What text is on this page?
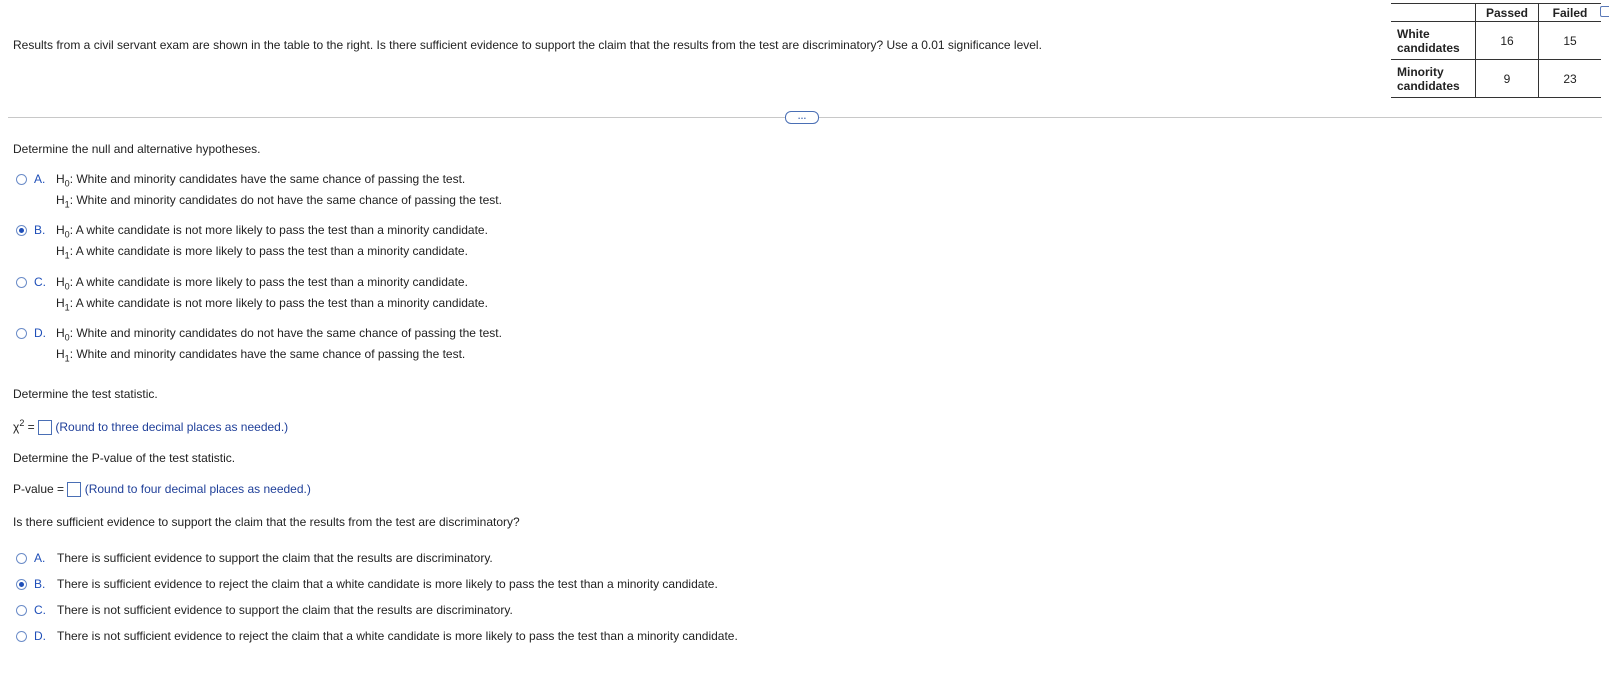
Results from a civil servant exam are shown in the table to the right. Is there sufficient evidence to support the claim that the results from the test are discriminatory? Use a 0.01 significance level.
	Passed	Failed
White
candidates	16	15
Minority
candidates	9	23
…
Determine the null and alternative hypotheses.
A. $H_0$: White and minority candidates have the same chance of passing the test.
$H_1$: White and minority candidates do not have the same chance of passing the test.
B. $H_0$: A white candidate is not more likely to pass the test than a minority candidate.
$H_1$: A white candidate is more likely to pass the test than a minority candidate.
C. $H_0$: A white candidate is more likely to pass the test than a minority candidate.
$H_1$: A white candidate is not more likely to pass the test than a minority candidate.
D. $H_0$: White and minority candidates do not have the same chance of passing the test.
$H_1$: White and minority candidates have the same chance of passing the test.
Determine the test statistic.
$\chi^2$ = (Round to three decimal places as needed.)
Determine the P-value of the test statistic.
P-value = (Round to four decimal places as needed.)
Is there sufficient evidence to support the claim that the results from the test are discriminatory?
A. There is sufficient evidence to support the claim that the results are discriminatory.
B. There is sufficient evidence to reject the claim that a white candidate is more likely to pass the test than a minority candidate.
C. There is not sufficient evidence to support the claim that the results are discriminatory.
D. There is not sufficient evidence to reject the claim that a white candidate is more likely to pass the test than a minority candidate.
